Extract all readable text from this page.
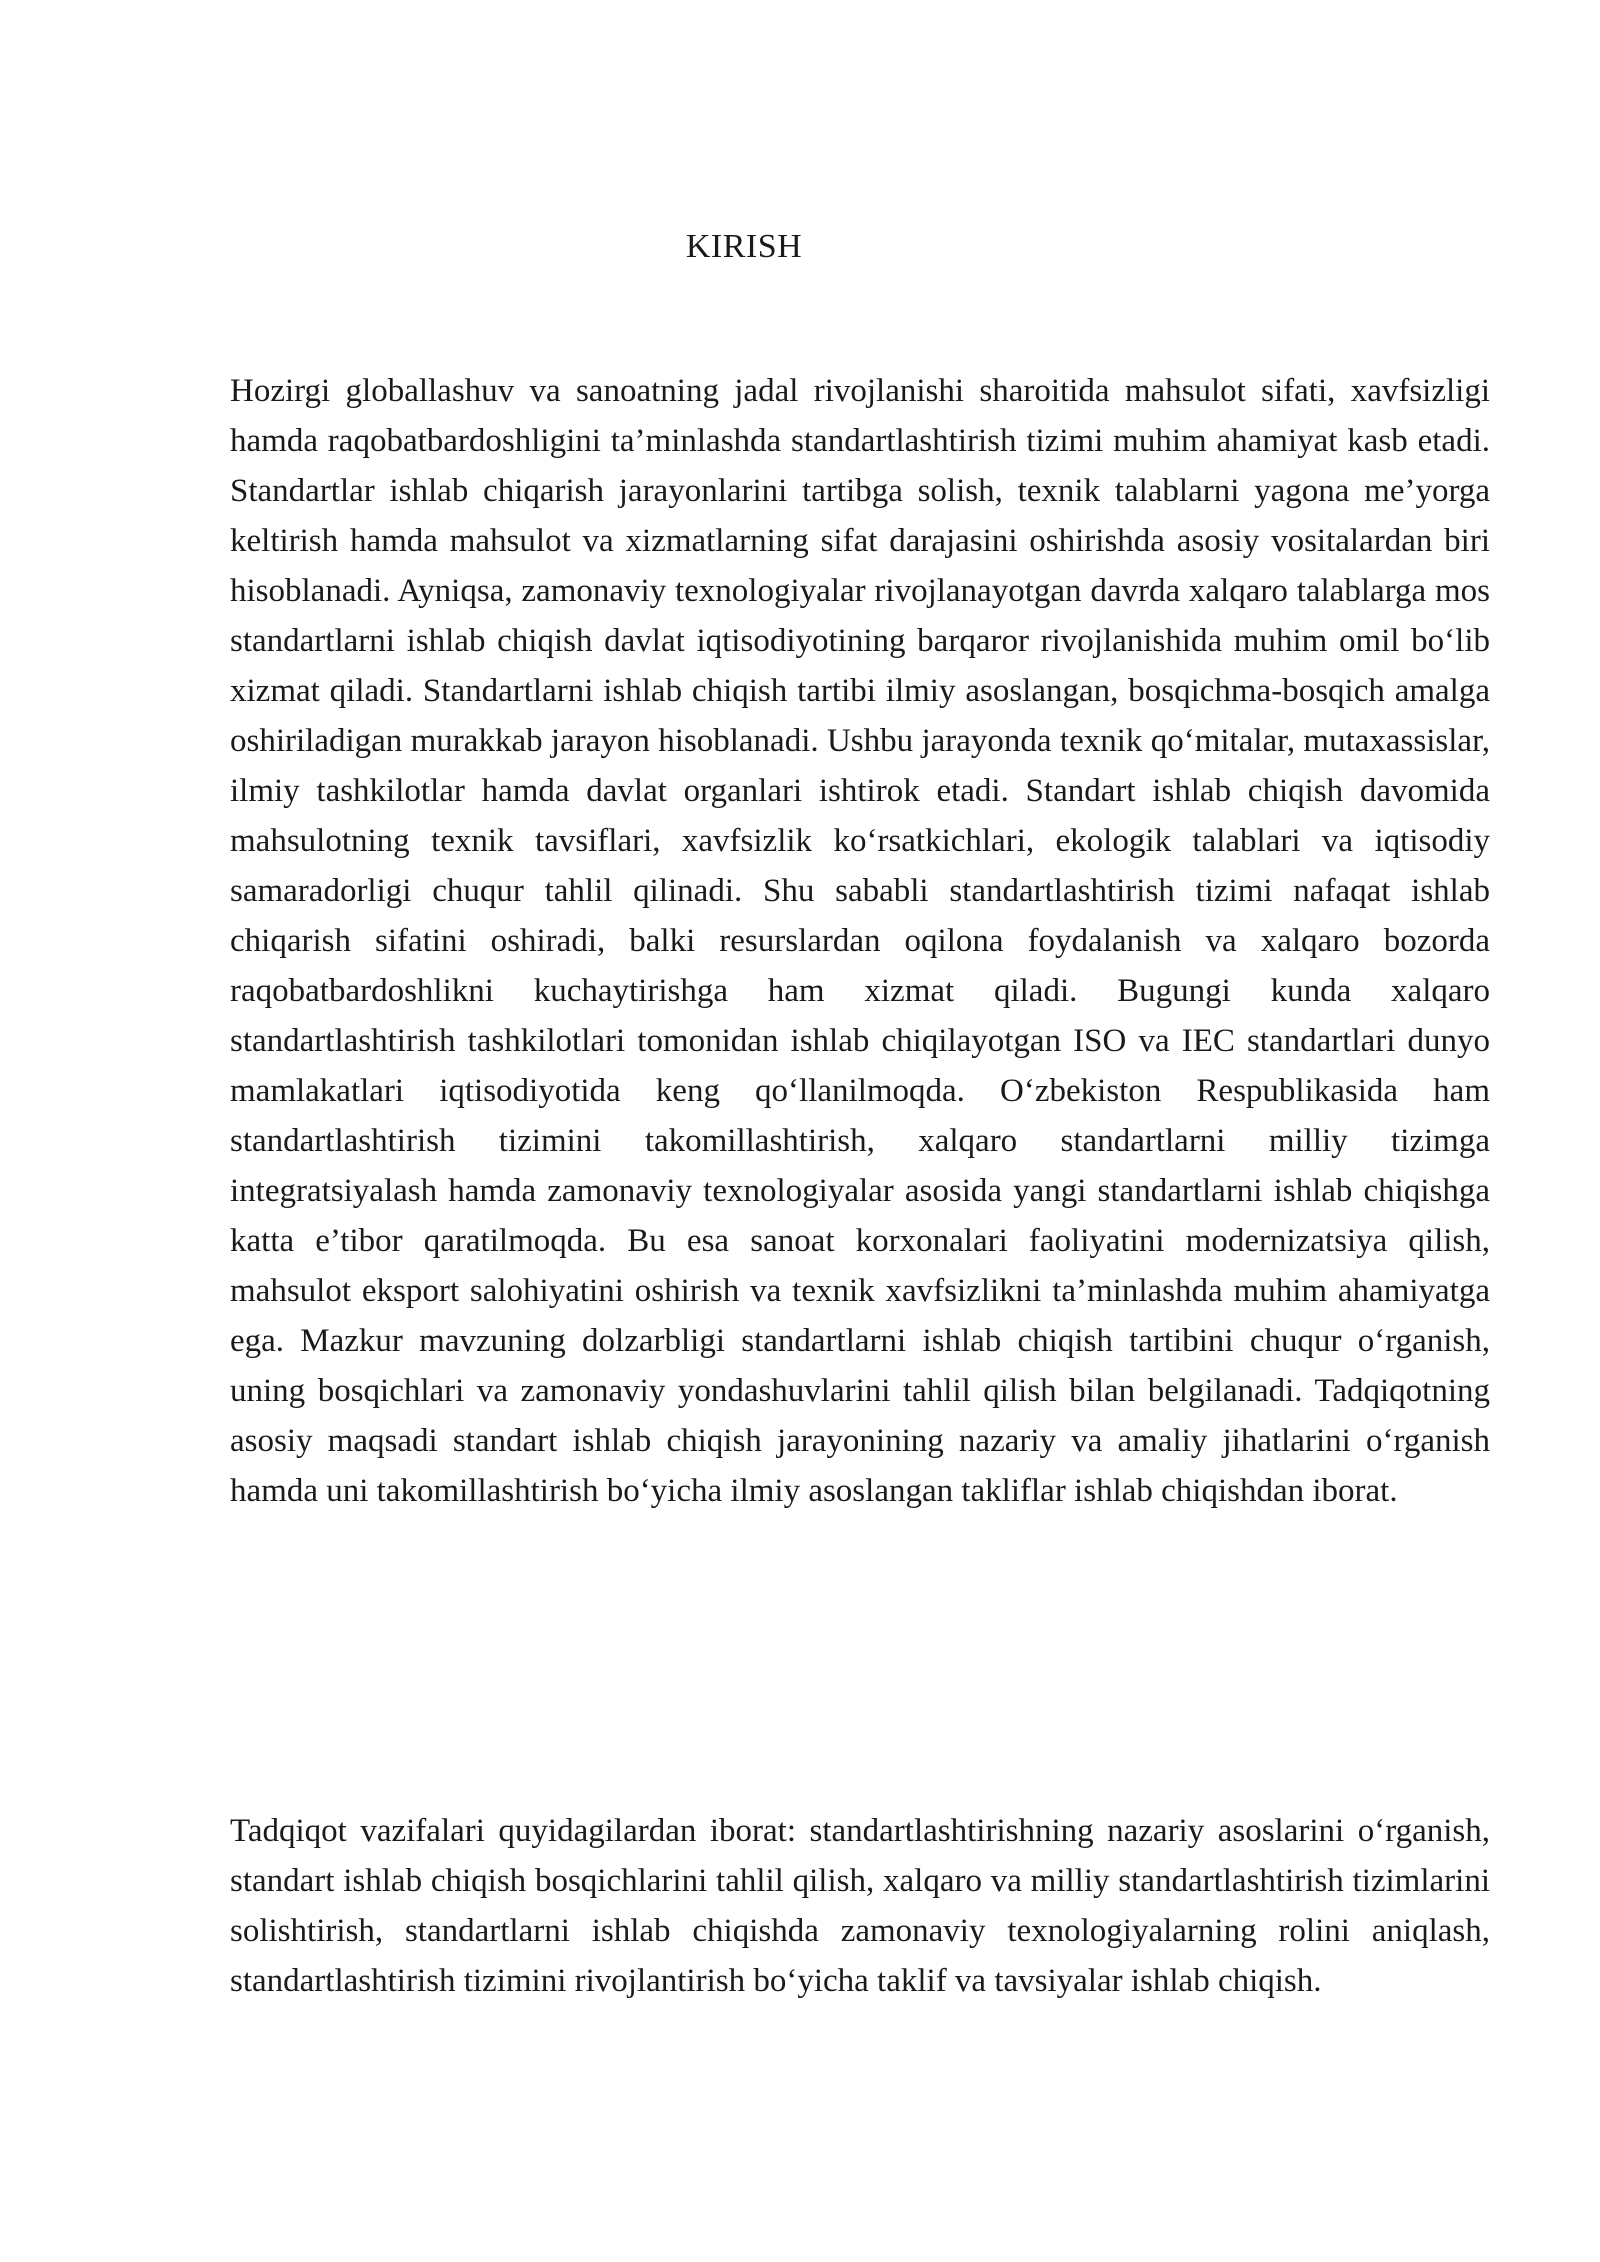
KIRISH

Hozirgi globallashuv va sanoatning jadal rivojlanishi sharoitida mahsulot sifati, xavfsizligi hamda raqobatbardoshligini ta’minlashda standartlashtirish tizimi muhim ahamiyat kasb etadi. Standartlar ishlab chiqarish jarayonlarini tartibga solish, texnik talablarni yagona me’yorga keltirish hamda mahsulot va xizmatlarning sifat darajasini oshirishda asosiy vositalardan biri hisoblanadi. Ayniqsa, zamonaviy texnologiyalar rivojlanayotgan davrda xalqaro talablarga mos standartlarni ishlab chiqish davlat iqtisodiyotining barqaror rivojlanishida muhim omil bo‘lib xizmat qiladi. Standartlarni ishlab chiqish tartibi ilmiy asoslangan, bosqichma-bosqich amalga oshiriladigan murakkab jarayon hisoblanadi. Ushbu jarayonda texnik qo‘mitalar, mutaxassislar, ilmiy tashkilotlar hamda davlat organlari ishtirok etadi. Standart ishlab chiqish davomida mahsulotning texnik tavsiflari, xavfsizlik ko‘rsatkichlari, ekologik talablari va iqtisodiy samaradorligi chuqur tahlil qilinadi. Shu sababli standartlashtirish tizimi nafaqat ishlab chiqarish sifatini oshiradi, balki resurslardan oqilona foydalanish va xalqaro bozorda raqobatbardoshlikni kuchaytirishga ham xizmat qiladi. Bugungi kunda xalqaro standartlashtirish tashkilotlari tomonidan ishlab chiqilayotgan ISO va IEC standartlari dunyo mamlakatlari iqtisodiyotida keng qo‘llanilmoqda. O‘zbekiston Respublikasida ham standartlashtirish tizimini takomillashtirish, xalqaro standartlarni milliy tizimga integratsiyalash hamda zamonaviy texnologiyalar asosida yangi standartlarni ishlab chiqishga katta e’tibor qaratilmoqda. Bu esa sanoat korxonalari faoliyatini modernizatsiya qilish, mahsulot eksport salohiyatini oshirish va texnik xavfsizlikni ta’minlashda muhim ahamiyatga ega. Mazkur mavzuning dolzarbligi standartlarni ishlab chiqish tartibini chuqur o‘rganish, uning bosqichlari va zamonaviy yondashuvlarini tahlil qilish bilan belgilanadi. Tadqiqotning asosiy maqsadi standart ishlab chiqish jarayonining nazariy va amaliy jihatlarini o‘rganish hamda uni takomillashtirish bo‘yicha ilmiy asoslangan takliflar ishlab chiqishdan iborat.

Tadqiqot vazifalari quyidagilardan iborat: standartlashtirishning nazariy asoslarini o‘rganish, standart ishlab chiqish bosqichlarini tahlil qilish, xalqaro va milliy standartlashtirish tizimlarini solishtirish, standartlarni ishlab chiqishda zamonaviy texnologiyalarning rolini aniqlash, standartlashtirish tizimini rivojlantirish bo‘yicha taklif va tavsiyalar ishlab chiqish.
